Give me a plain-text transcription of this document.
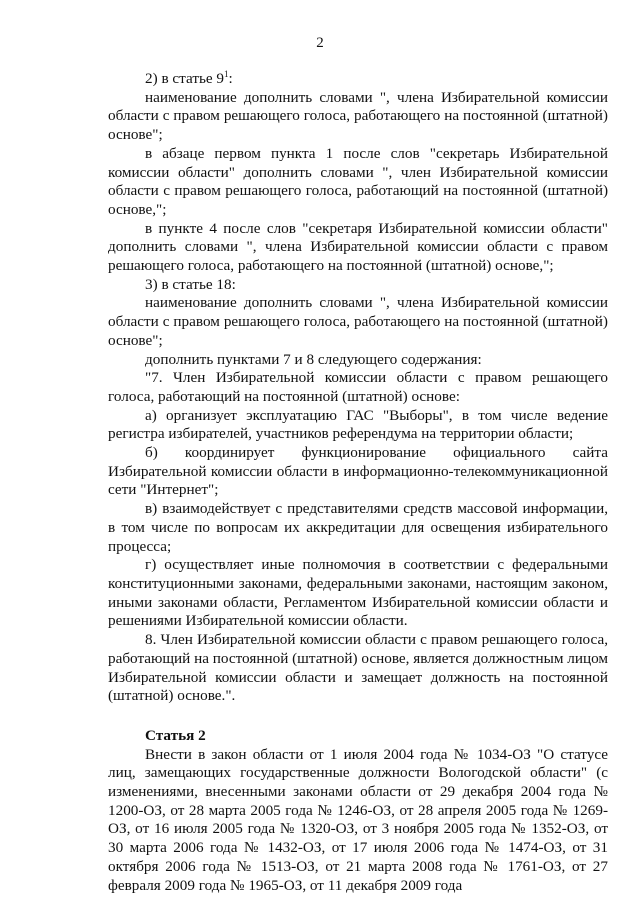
2

2) в статье $9^1$:

наименование дополнить словами ", члена Избирательной комиссии области с правом решающего голоса, работающего на постоянной (штатной) основе";

в абзаце первом пункта 1 после слов "секретарь Избирательной комиссии области" дополнить словами ", член Избирательной комиссии области с правом решающего голоса, работающий на постоянной (штатной) основе,";

в пункте 4 после слов "секретаря Избирательной комиссии области" дополнить словами ", члена Избирательной комиссии области с правом решающего голоса, работающего на постоянной (штатной) основе,";

3) в статье 18:

наименование дополнить словами ", члена Избирательной комиссии области с правом решающего голоса, работающего на постоянной (штатной) основе";

дополнить пунктами 7 и 8 следующего содержания:

"7. Член Избирательной комиссии области с правом решающего голоса, работающий на постоянной (штатной) основе:

а) организует эксплуатацию ГАС "Выборы", в том числе ведение регистра избирателей, участников референдума на территории области;

б) координирует функционирование официального сайта Избирательной комиссии области в информационно-телекоммуникационной сети "Интернет";

в) взаимодействует с представителями средств массовой информации, в том числе по вопросам их аккредитации для освещения избирательного процесса;

г) осуществляет иные полномочия в соответствии с федеральными конституционными законами, федеральными законами, настоящим законом, иными законами области, Регламентом Избирательной комиссии области и решениями Избирательной комиссии области.

8. Член Избирательной комиссии области с правом решающего голоса, работающий на постоянной (штатной) основе, является должностным лицом Избирательной комиссии области и замещает должность на постоянной (штатной) основе.".

Статья 2

Внести в закон области от 1 июля 2004 года № 1034-ОЗ "О статусе лиц, замещающих государственные должности Вологодской области" (с изменениями, внесенными законами области от 29 декабря 2004 года № 1200-ОЗ, от 28 марта 2005 года № 1246-ОЗ, от 28 апреля 2005 года № 1269-ОЗ, от 16 июля 2005 года № 1320-ОЗ, от 3 ноября 2005 года № 1352-ОЗ, от 30 марта 2006 года № 1432-ОЗ, от 17 июля 2006 года № 1474-ОЗ, от 31 октября 2006 года № 1513-ОЗ, от 21 марта 2008 года № 1761-ОЗ, от 27 февраля 2009 года № 1965-ОЗ, от 11 декабря 2009 года
